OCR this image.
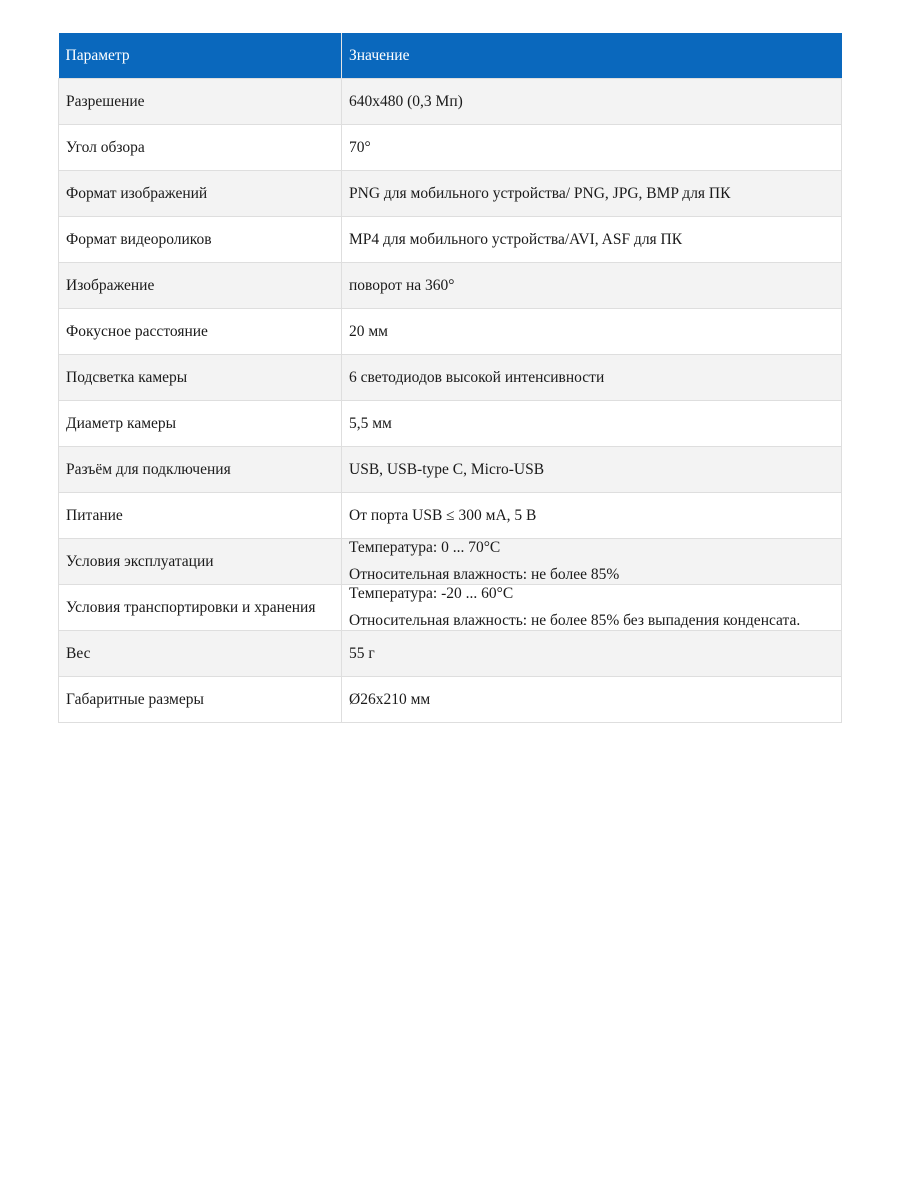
Параметр	Значение
Разрешение	640х480 (0,3 Мп)
Угол обзора	70°
Формат изображений	PNG для мобильного устройства/ PNG, JPG, BMP для ПК
Формат видеороликов	MP4 для мобильного устройства/AVI, ASF для ПК
Изображение	поворот на 360°
Фокусное расстояние	20 мм
Подсветка камеры	6 светодиодов высокой интенсивности
Диаметр камеры	5,5 мм
Разъём для подключения	USB, USB-type C, Micro-USB
Питание	От порта USB ≤ 300 мА, 5 В
Условия эксплуатации	Температура: 0 ... 70°C
Относительная влажность: не более 85%

Условия транспортировки и хранения	Температура: -20 ... 60°C
Относительная влажность: не более 85% без выпадения конденсата.

Вес	55 г
Габаритные размеры	Ø26х210 мм
